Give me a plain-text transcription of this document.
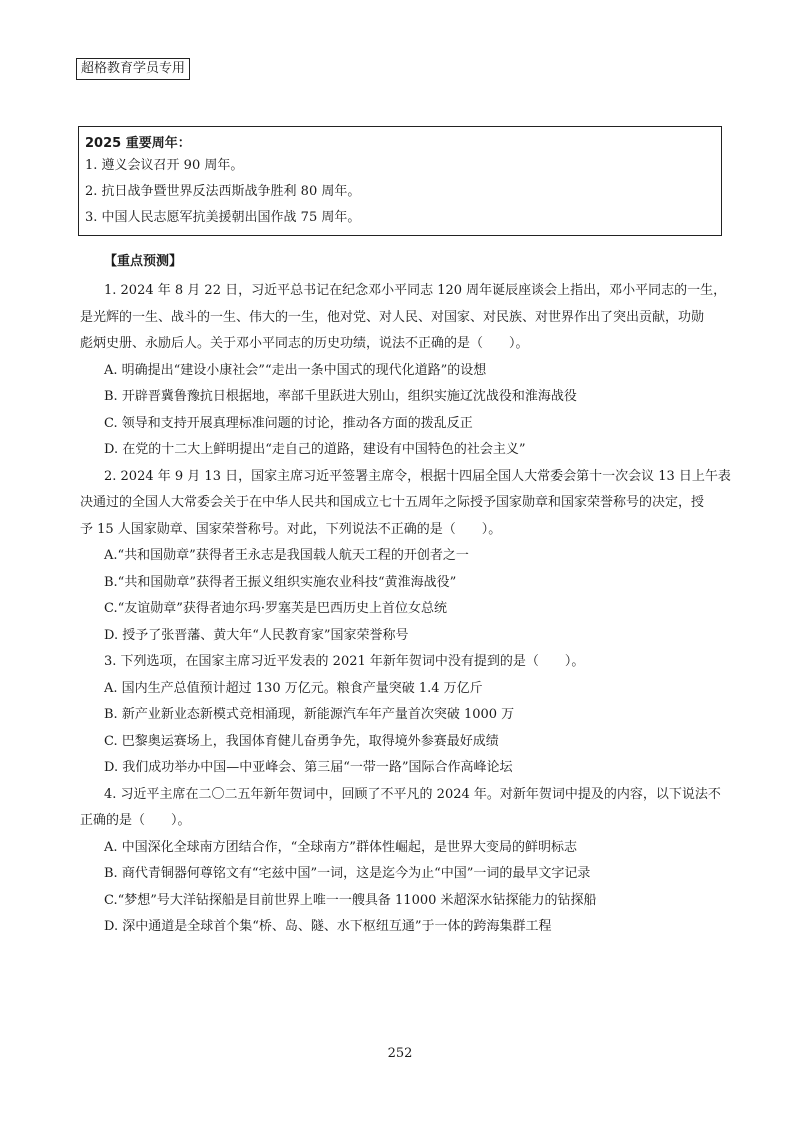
超格教育学员专用
2025 重要周年：
1. 遵义会议召开 90 周年。
2. 抗日战争暨世界反法西斯战争胜利 80 周年。
3. 中国人民志愿军抗美援朝出国作战 75 周年。
【重点预测】
1. 2024 年 8 月 22 日，习近平总书记在纪念邓小平同志 120 周年诞辰座谈会上指出，邓小平同志的一生，
是光辉的一生、战斗的一生、伟大的一生，他对党、对人民、对国家、对民族、对世界作出了突出贡献，功勋
彪炳史册、永励后人。关于邓小平同志的历史功绩，说法不正确的是（　　）。
A. 明确提出“建设小康社会”“走出一条中国式的现代化道路”的设想
B. 开辟晋冀鲁豫抗日根据地，率部千里跃进大别山，组织实施辽沈战役和淮海战役
C. 领导和支持开展真理标准问题的讨论，推动各方面的拨乱反正
D. 在党的十二大上鲜明提出“走自己的道路，建设有中国特色的社会主义”
2. 2024 年 9 月 13 日，国家主席习近平签署主席令，根据十四届全国人大常委会第十一次会议 13 日上午表
决通过的全国人大常委会关于在中华人民共和国成立七十五周年之际授予国家勋章和国家荣誉称号的决定，授
予 15 人国家勋章、国家荣誉称号。对此，下列说法不正确的是（　　）。
A.“共和国勋章”获得者王永志是我国载人航天工程的开创者之一
B.“共和国勋章”获得者王振义组织实施农业科技“黄淮海战役”
C.“友谊勋章”获得者迪尔玛·罗塞芙是巴西历史上首位女总统
D. 授予了张晋藩、黄大年“人民教育家”国家荣誉称号
3. 下列选项，在国家主席习近平发表的 2021 年新年贺词中没有提到的是（　　）。
A. 国内生产总值预计超过 130 万亿元。粮食产量突破 1.4 万亿斤
B. 新产业新业态新模式竞相涌现，新能源汽车年产量首次突破 1000 万
C. 巴黎奥运赛场上，我国体育健儿奋勇争先，取得境外参赛最好成绩
D. 我们成功举办中国—中亚峰会、第三届“一带一路”国际合作高峰论坛
4. 习近平主席在二〇二五年新年贺词中，回顾了不平凡的 2024 年。对新年贺词中提及的内容，以下说法不
正确的是（　　）。
A. 中国深化全球南方团结合作，“全球南方”群体性崛起，是世界大变局的鲜明标志
B. 商代青铜器何尊铭文有“宅兹中国”一词，这是迄今为止“中国”一词的最早文字记录
C.“梦想”号大洋钻探船是目前世界上唯一一艘具备 11000 米超深水钻探能力的钻探船
D. 深中通道是全球首个集“桥、岛、隧、水下枢纽互通”于一体的跨海集群工程
252
